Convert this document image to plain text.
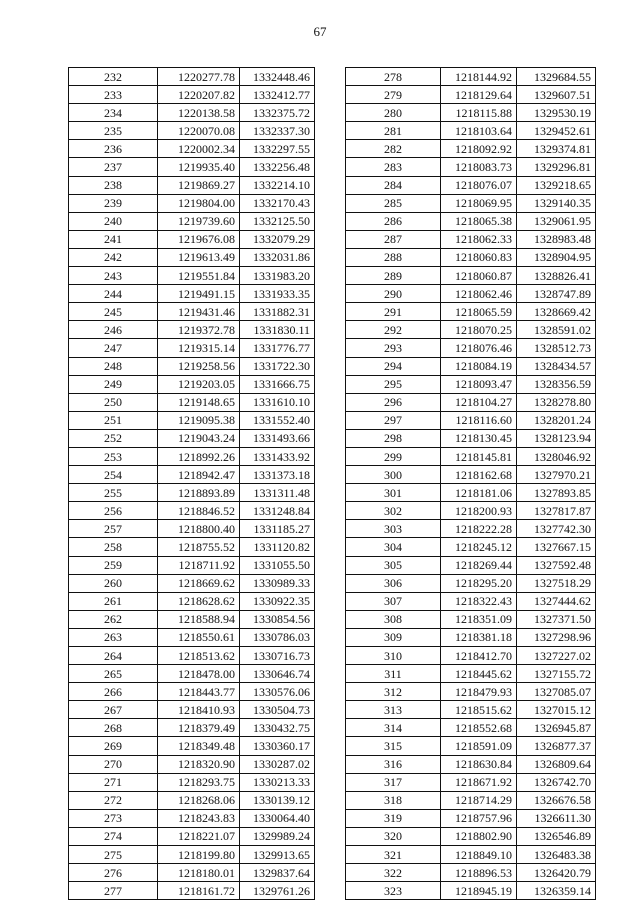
67
232	1220277.78	1332448.46
233	1220207.82	1332412.77
234	1220138.58	1332375.72
235	1220070.08	1332337.30
236	1220002.34	1332297.55
237	1219935.40	1332256.48
238	1219869.27	1332214.10
239	1219804.00	1332170.43
240	1219739.60	1332125.50
241	1219676.08	1332079.29
242	1219613.49	1332031.86
243	1219551.84	1331983.20
244	1219491.15	1331933.35
245	1219431.46	1331882.31
246	1219372.78	1331830.11
247	1219315.14	1331776.77
248	1219258.56	1331722.30
249	1219203.05	1331666.75
250	1219148.65	1331610.10
251	1219095.38	1331552.40
252	1219043.24	1331493.66
253	1218992.26	1331433.92
254	1218942.47	1331373.18
255	1218893.89	1331311.48
256	1218846.52	1331248.84
257	1218800.40	1331185.27
258	1218755.52	1331120.82
259	1218711.92	1331055.50
260	1218669.62	1330989.33
261	1218628.62	1330922.35
262	1218588.94	1330854.56
263	1218550.61	1330786.03
264	1218513.62	1330716.73
265	1218478.00	1330646.74
266	1218443.77	1330576.06
267	1218410.93	1330504.73
268	1218379.49	1330432.75
269	1218349.48	1330360.17
270	1218320.90	1330287.02
271	1218293.75	1330213.33
272	1218268.06	1330139.12
273	1218243.83	1330064.40
274	1218221.07	1329989.24
275	1218199.80	1329913.65
276	1218180.01	1329837.64
277	1218161.72	1329761.26
278	1218144.92	1329684.55
279	1218129.64	1329607.51
280	1218115.88	1329530.19
281	1218103.64	1329452.61
282	1218092.92	1329374.81
283	1218083.73	1329296.81
284	1218076.07	1329218.65
285	1218069.95	1329140.35
286	1218065.38	1329061.95
287	1218062.33	1328983.48
288	1218060.83	1328904.95
289	1218060.87	1328826.41
290	1218062.46	1328747.89
291	1218065.59	1328669.42
292	1218070.25	1328591.02
293	1218076.46	1328512.73
294	1218084.19	1328434.57
295	1218093.47	1328356.59
296	1218104.27	1328278.80
297	1218116.60	1328201.24
298	1218130.45	1328123.94
299	1218145.81	1328046.92
300	1218162.68	1327970.21
301	1218181.06	1327893.85
302	1218200.93	1327817.87
303	1218222.28	1327742.30
304	1218245.12	1327667.15
305	1218269.44	1327592.48
306	1218295.20	1327518.29
307	1218322.43	1327444.62
308	1218351.09	1327371.50
309	1218381.18	1327298.96
310	1218412.70	1327227.02
311	1218445.62	1327155.72
312	1218479.93	1327085.07
313	1218515.62	1327015.12
314	1218552.68	1326945.87
315	1218591.09	1326877.37
316	1218630.84	1326809.64
317	1218671.92	1326742.70
318	1218714.29	1326676.58
319	1218757.96	1326611.30
320	1218802.90	1326546.89
321	1218849.10	1326483.38
322	1218896.53	1326420.79
323	1218945.19	1326359.14
